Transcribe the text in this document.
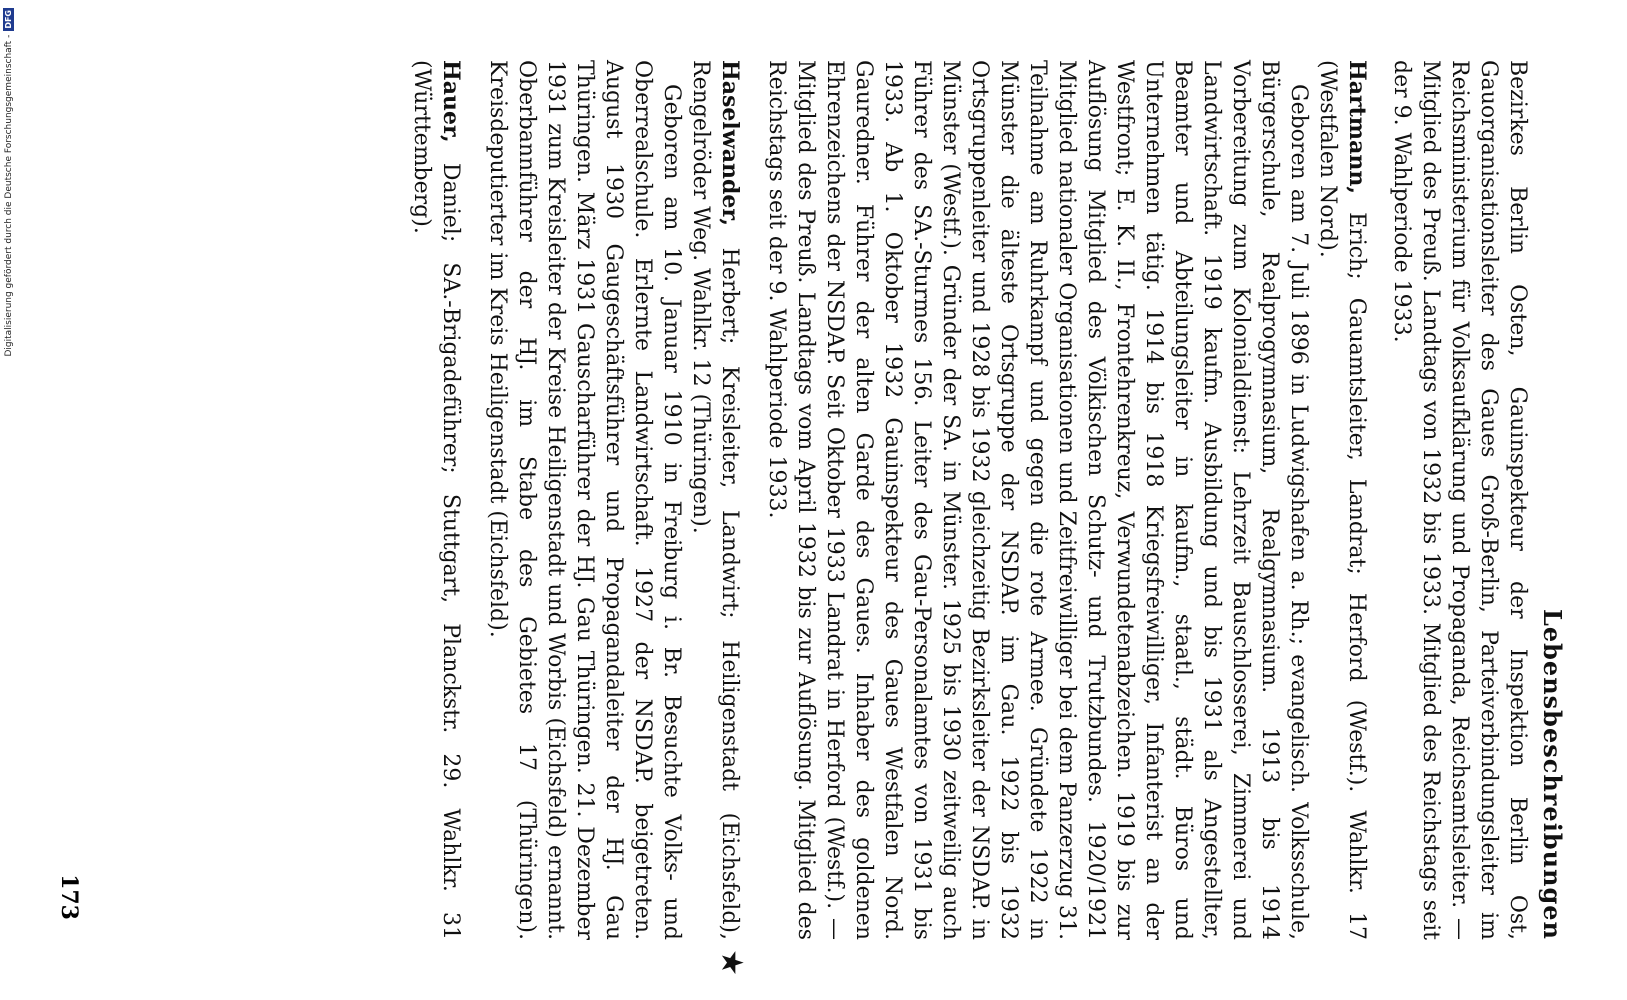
Lebensbeschreibungen

Bezirkes Berlin Osten, Gauinspekteur der Inspektion Berlin Ost, Gauorganisationsleiter des Gaues Groß-Berlin, Parteiverbindungsleiter im Reichsministerium für Volksaufklärung und Propaganda, Reichsamtsleiter. — Mitglied des Preuß. Landtags von 1932 bis 1933. Mitglied des Reichstags seit der 9. Wahlperiode 1933.

Hartmann, Erich; Gauamtsleiter, Landrat; Herford (Westf.). Wahlkr. 17 (Westfalen Nord).

Geboren am 7. Juli 1896 in Ludwigshafen a. Rh.; evangelisch. Volksschule, Bürgerschule, Realprogymnasium, Realgymnasium. 1913 bis 1914 Vorbereitung zum Kolonialdienst: Lehrzeit Bauschlosserei, Zimmerei und Landwirtschaft. 1919 kaufm. Ausbildung und bis 1931 als Angestellter, Beamter und Abteilungsleiter in kaufm., staatl., städt. Büros und Unternehmen tätig. 1914 bis 1918 Kriegsfreiwilliger, Infanterist an der Westfront; E. K. II., Frontehrenkreuz, Verwundetenabzeichen. 1919 bis zur Auflösung Mitglied des Völkischen Schutz- und Trutzbundes. 1920/1921 Mitglied nationaler Organisationen und Zeitfreiwilliger bei dem Panzerzug 31. Teilnahme am Ruhrkampf und gegen die rote Armee. Gründete 1922 in Münster die älteste Ortsgruppe der NSDAP. im Gau. 1922 bis 1932 Ortsgruppenleiter und 1928 bis 1932 gleichzeitig Bezirksleiter der NSDAP. in Münster (Westf.). Gründer der SA. in Münster. 1925 bis 1930 zeitweilig auch Führer des SA.-Sturmes 156. Leiter des Gau-Personalamtes von 1931 bis 1933. Ab 1. Oktober 1932 Gauinspekteur des Gaues Westfalen Nord. Gauredner. Führer der alten Garde des Gaues. Inhaber des goldenen Ehrenzeichens der NSDAP. Seit Oktober 1933 Landrat in Herford (Westf.). — Mitglied des Preuß. Landtags vom April 1932 bis zur Auflösung. Mitglied des Reichstags seit der 9. Wahlperiode 1933.

★

Haselwander, Herbert; Kreisleiter, Landwirt; Heiligenstadt (Eichsfeld), Rengelröder Weg. Wahlkr. 12 (Thüringen).

Geboren am 10. Januar 1910 in Freiburg i. Br. Besuchte Volks- und Oberrealschule. Erlernte Landwirtschaft. 1927 der NSDAP. beigetreten. August 1930 Gaugeschäftsführer und Propagandaleiter der HJ. Gau Thüringen. März 1931 Gauscharführer der HJ. Gau Thüringen. 21. Dezember 1931 zum Kreisleiter der Kreise Heiligenstadt und Worbis (Eichsfeld) ernannt. Oberbannführer der HJ. im Stabe des Gebietes 17 (Thüringen). Kreisdeputierter im Kreis Heiligenstadt (Eichsfeld).

Hauer, Daniel; SA.-Brigadeführer; Stuttgart, Planckstr. 29. Wahlkr. 31 (Württemberg).

173
Digitalisierung gefördert durch die Deutsche Forschungsgemeinschaft -DFG
